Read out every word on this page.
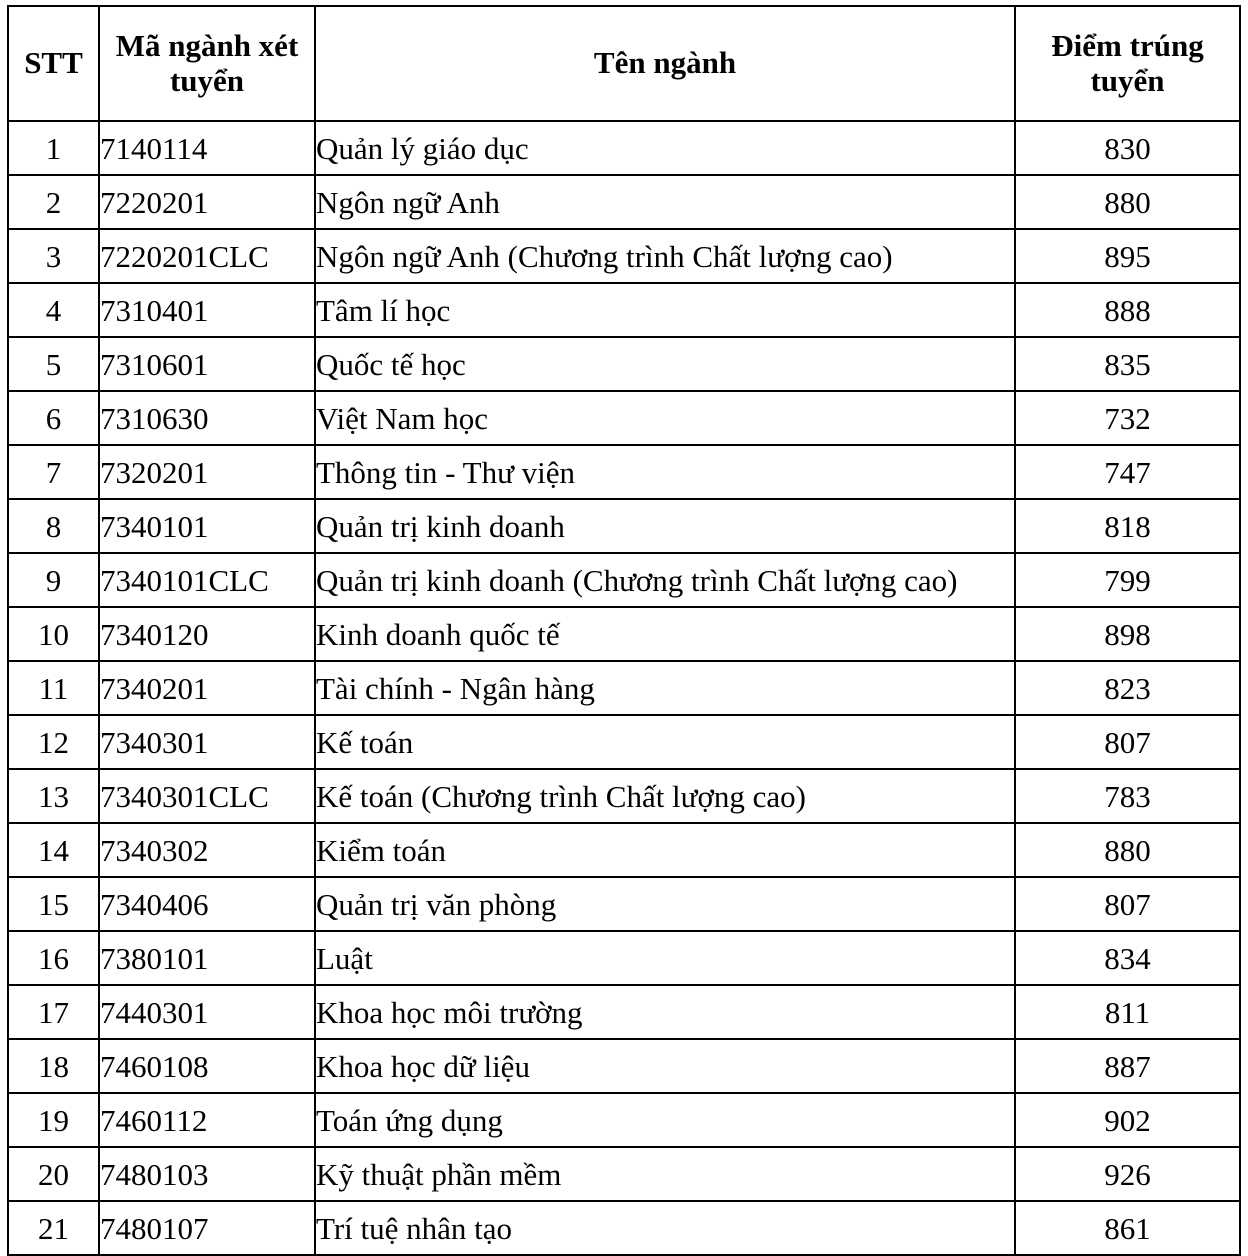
STT	Mã ngành xét tuyển	Tên ngành	Điểm trúng tuyển
1	7140114	Quản lý giáo dục	830
2	7220201	Ngôn ngữ Anh	880
3	7220201CLC	Ngôn ngữ Anh (Chương trình Chất lượng cao)	895
4	7310401	Tâm lí học	888
5	7310601	Quốc tế học	835
6	7310630	Việt Nam học	732
7	7320201	Thông tin - Thư viện	747
8	7340101	Quản trị kinh doanh	818
9	7340101CLC	Quản trị kinh doanh (Chương trình Chất lượng cao)	799
10	7340120	Kinh doanh quốc tế	898
11	7340201	Tài chính - Ngân hàng	823
12	7340301	Kế toán	807
13	7340301CLC	Kế toán (Chương trình Chất lượng cao)	783
14	7340302	Kiểm toán	880
15	7340406	Quản trị văn phòng	807
16	7380101	Luật	834
17	7440301	Khoa học môi trường	811
18	7460108	Khoa học dữ liệu	887
19	7460112	Toán ứng dụng	902
20	7480103	Kỹ thuật phần mềm	926
21	7480107	Trí tuệ nhân tạo	861
